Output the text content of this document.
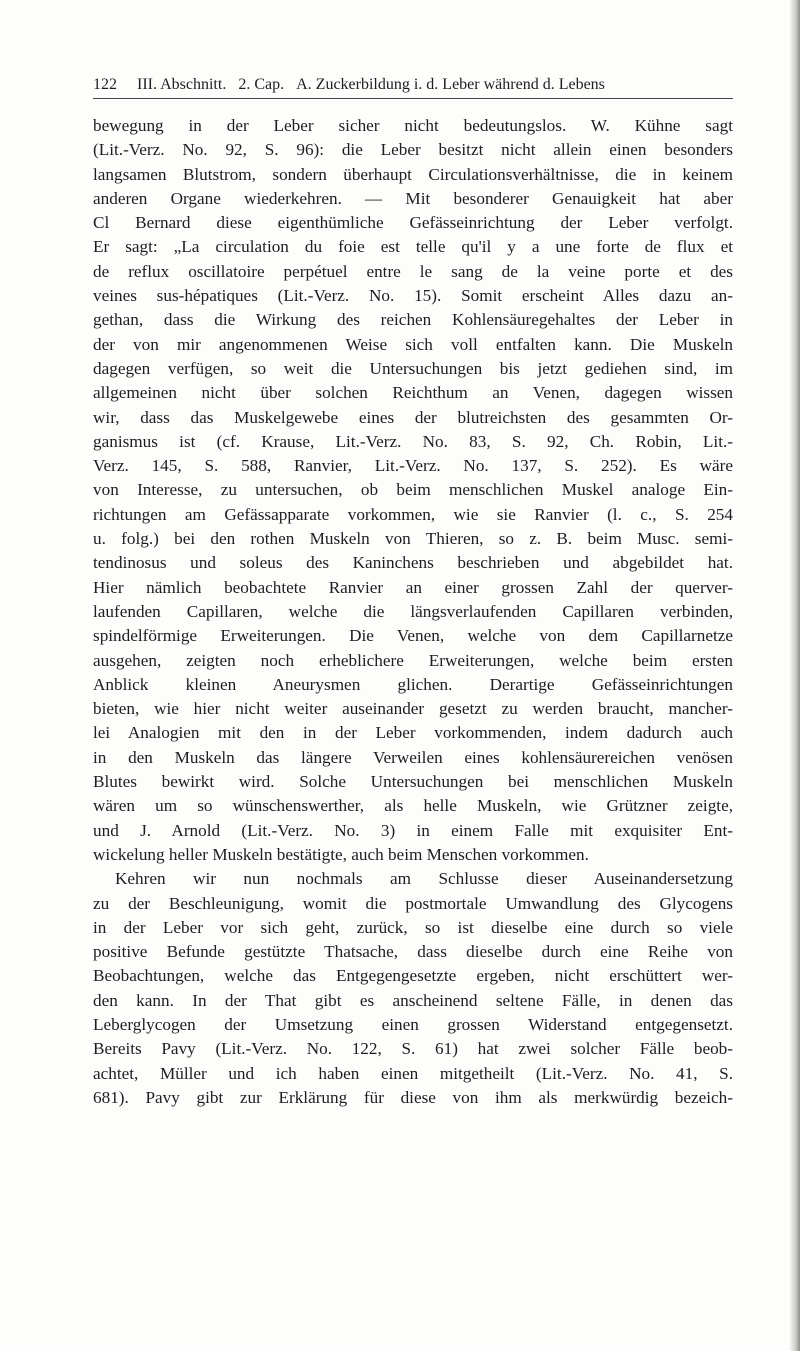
122 III. Abschnitt. 2. Cap. A. Zuckerbildung i. d. Leber während d. Lebens
bewegung in der Leber sicher nicht bedeutungslos. W. Kühne sagt
(Lit.-Verz. No. 92, S. 96): die Leber besitzt nicht allein einen besonders
langsamen Blutstrom, sondern überhaupt Circulationsverhältnisse, die in keinem
anderen Organe wiederkehren. — Mit besonderer Genauigkeit hat aber
Cl Bernard diese eigenthümliche Gefässeinrichtung der Leber verfolgt.
Er sagt: „La circulation du foie est telle qu'il y a une forte de flux et
de reflux oscillatoire perpétuel entre le sang de la veine porte et des
veines sus-hépatiques (Lit.-Verz. No. 15). Somit erscheint Alles dazu an-
gethan, dass die Wirkung des reichen Kohlensäuregehaltes der Leber in
der von mir angenommenen Weise sich voll entfalten kann. Die Muskeln
dagegen verfügen, so weit die Untersuchungen bis jetzt gediehen sind, im
allgemeinen nicht über solchen Reichthum an Venen, dagegen wissen
wir, dass das Muskelgewebe eines der blutreichsten des gesammten Or-
ganismus ist (cf. Krause, Lit.-Verz. No. 83, S. 92, Ch. Robin, Lit.-
Verz. 145, S. 588, Ranvier, Lit.-Verz. No. 137, S. 252). Es wäre
von Interesse, zu untersuchen, ob beim menschlichen Muskel analoge Ein-
richtungen am Gefässapparate vorkommen, wie sie Ranvier (l. c., S. 254
u. folg.) bei den rothen Muskeln von Thieren, so z. B. beim Musc. semi-
tendinosus und soleus des Kaninchens beschrieben und abgebildet hat.
Hier nämlich beobachtete Ranvier an einer grossen Zahl der querver-
laufenden Capillaren, welche die längsverlaufenden Capillaren verbinden,
spindelförmige Erweiterungen. Die Venen, welche von dem Capillarnetze
ausgehen, zeigten noch erheblichere Erweiterungen, welche beim ersten
Anblick kleinen Aneurysmen glichen. Derartige Gefässeinrichtungen
bieten, wie hier nicht weiter auseinander gesetzt zu werden braucht, mancher-
lei Analogien mit den in der Leber vorkommenden, indem dadurch auch
in den Muskeln das längere Verweilen eines kohlensäurereichen venösen
Blutes bewirkt wird. Solche Untersuchungen bei menschlichen Muskeln
wären um so wünschenswerther, als helle Muskeln, wie Grützner zeigte,
und J. Arnold (Lit.-Verz. No. 3) in einem Falle mit exquisiter Ent-
wickelung heller Muskeln bestätigte, auch beim Menschen vorkommen.
Kehren wir nun nochmals am Schlusse dieser Auseinandersetzung
zu der Beschleunigung, womit die postmortale Umwandlung des Glycogens
in der Leber vor sich geht, zurück, so ist dieselbe eine durch so viele
positive Befunde gestützte Thatsache, dass dieselbe durch eine Reihe von
Beobachtungen, welche das Entgegengesetzte ergeben, nicht erschüttert wer-
den kann. In der That gibt es anscheinend seltene Fälle, in denen das
Leberglycogen der Umsetzung einen grossen Widerstand entgegensetzt.
Bereits Pavy (Lit.-Verz. No. 122, S. 61) hat zwei solcher Fälle beob-
achtet, Müller und ich haben einen mitgetheilt (Lit.-Verz. No. 41, S.
681). Pavy gibt zur Erklärung für diese von ihm als merkwürdig bezeich-
